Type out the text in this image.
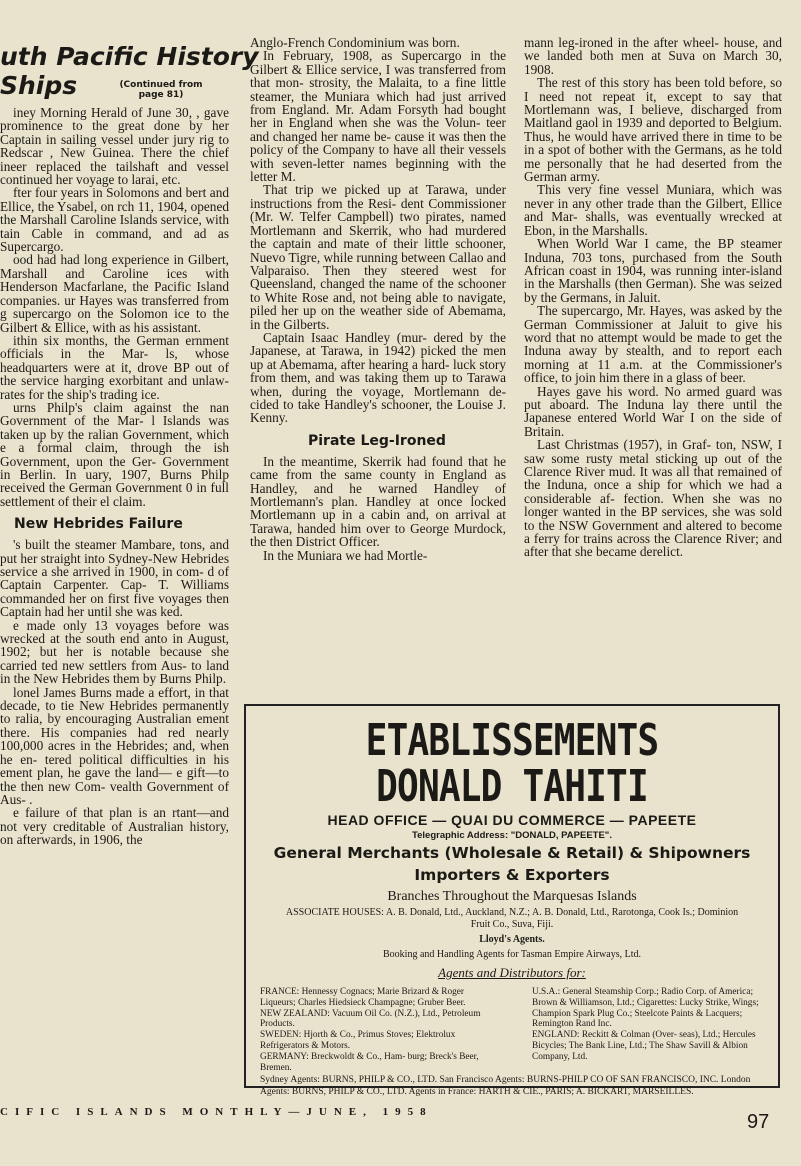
uth Pacific History
Ships	(Continued from page 81)

iney Morning Herald of June 30, , gave prominence to the great done by her Captain in sailing vessel under jury rig to Redscar , New Guinea. There the chief ineer replaced the tailshaft and vessel continued her voyage to larai, etc.

fter four years in Solomons and bert and Ellice, the Ysabel, on rch 11, 1904, opened the Marshall Caroline Islands service, with tain Cable in command, and ad as Supercargo.

ood had had long experience in Gilbert, Marshall and Caroline ices with Henderson Macfarlane, the Pacific Island companies. ur Hayes was transferred from g supercargo on the Solomon ice to the Gilbert & Ellice, with as his assistant.

ithin six months, the German ernment officials in the Mar- ls, whose headquarters were at it, drove BP out of the service harging exorbitant and unlaw- rates for the ship's trading ice.

urns Philp's claim against the nan Government of the Mar- l Islands was taken up by the ralian Government, which e a formal claim, through the ish Government, upon the Ger- Government in Berlin. In uary, 1907, Burns Philp received the German Government 0 in full settlement of their el claim.

New Hebrides Failure

's built the steamer Mambare, tons, and put her straight into Sydney-New Hebrides service a she arrived in 1900, in com- d of Captain Carpenter. Cap- T. Williams commanded her on first five voyages then Captain had her until she was ked.

e made only 13 voyages before was wrecked at the south end anto in August, 1902; but her is notable because she carried ted new settlers from Aus- to land in the New Hebrides them by Burns Philp.

lonel James Burns made a effort, in that decade, to tie New Hebrides permanently to ralia, by encouraging Australian ement there. His companies had red nearly 100,000 acres in the Hebrides; and, when he en- tered political difficulties in his ement plan, he gave the land— e gift—to the then new Com- vealth Government of Aus- .

e failure of that plan is an rtant—and not very creditable of Australian history, on afterwards, in 1906, the

Anglo-French Condominium was born.

In February, 1908, as Supercargo in the Gilbert & Ellice service, I was transferred from that mon- strosity, the Malaita, to a fine little steamer, the Muniara which had just arrived from England. Mr. Adam Forsyth had bought her in England when she was the Volun- teer and changed her name be- cause it was then the policy of the Company to have all their vessels with seven-letter names beginning with the letter M.

That trip we picked up at Tarawa, under instructions from the Resi- dent Commissioner (Mr. W. Telfer Campbell) two pirates, named Mortlemann and Skerrik, who had murdered the captain and mate of their little schooner, Nuevo Tigre, while running between Callao and Valparaiso. Then they steered west for Queensland, changed the name of the schooner to White Rose and, not being able to navigate, piled her up on the weather side of Abemama, in the Gilberts.

Captain Isaac Handley (mur- dered by the Japanese, at Tarawa, in 1942) picked the men up at Abemama, after hearing a hard- luck story from them, and was taking them up to Tarawa when, during the voyage, Mortlemann de- cided to take Handley's schooner, the Louise J. Kenny.

Pirate Leg-Ironed

In the meantime, Skerrik had found that he came from the same county in England as Handley, and he warned Handley of Mortlemann's plan. Handley at once locked Mortlemann up in a cabin and, on arrival at Tarawa, handed him over to George Murdock, the then District Officer.

In the Muniara we had Mortle-

mann leg-ironed in the after wheel- house, and we landed both men at Suva on March 30, 1908.

The rest of this story has been told before, so I need not repeat it, except to say that Mortlemann was, I believe, discharged from Maitland gaol in 1939 and deported to Belgium. Thus, he would have arrived there in time to be in a spot of bother with the Germans, as he told me personally that he had deserted from the German army.

This very fine vessel Muniara, which was never in any other trade than the Gilbert, Ellice and Mar- shalls, was eventually wrecked at Ebon, in the Marshalls.

When World War I came, the BP steamer Induna, 703 tons, purchased from the South African coast in 1904, was running inter-island in the Marshalls (then German). She was seized by the Germans, in Jaluit.

The supercargo, Mr. Hayes, was asked by the German Commissioner at Jaluit to give his word that no attempt would be made to get the Induna away by stealth, and to report each morning at 11 a.m. at the Commissioner's office, to join him there in a glass of beer.

Hayes gave his word. No armed guard was put aboard. The Induna lay there until the Japanese entered World War I on the side of Britain.

Last Christmas (1957), in Graf- ton, NSW, I saw some rusty metal sticking up out of the Clarence River mud. It was all that remained of the Induna, once a ship for which we had a considerable af- fection. When she was no longer wanted in the BP services, she was sold to the NSW Government and altered to become a ferry for trains across the Clarence River; and after that she became derelict.

ETABLISSEMENTS DONALD TAHITI
HEAD OFFICE — QUAI DU COMMERCE — PAPEETE
Telegraphic Address: "DONALD, PAPEETE".
General Merchants (Wholesale & Retail) & Shipowners
Importers & Exporters
Branches Throughout the Marquesas Islands
ASSOCIATE HOUSES: A. B. Donald, Ltd., Auckland, N.Z.; A. B. Donald, Ltd., Rarotonga, Cook Is.; Dominion Fruit Co., Suva, Fiji.
Lloyd's Agents.
Booking and Handling Agents for Tasman Empire Airways, Ltd.
Agents and Distributors for:
FRANCE: Hennessy Cognacs; Marie Brizard & Roger Liqueurs; Charles Hiedsieck Champagne; Gruber Beer.
NEW ZEALAND: Vacuum Oil Co. (N.Z.), Ltd., Petroleum Products.
SWEDEN: Hjorth & Co., Primus Stoves; Elektrolux Refrigerators & Motors.
GERMANY: Breckwoldt & Co., Ham- burg; Breck's Beer, Bremen.
U.S.A.: General Steamship Corp.; Radio Corp. of America; Brown & Williamson, Ltd.; Cigarettes: Lucky Strike, Wings; Champion Spark Plug Co.; Steelcote Paints & Lacquers; Remington Rand Inc.
ENGLAND: Reckitt & Colman (Over- seas), Ltd.; Hercules Bicycles; The Bank Line, Ltd.; The Shaw Savill & Albion Company, Ltd.
Sydney Agents: BURNS, PHILP & CO., LTD. San Francisco Agents: BURNS-PHILP CO OF SAN FRANCISCO, INC. London Agents: BURNS, PHILP & CO., LTD. Agents in France: HARTH & CIE., PARIS; A. BICKART, MARSEILLES.
CIFIC ISLANDS MONTHLY—JUNE, 1958	97
